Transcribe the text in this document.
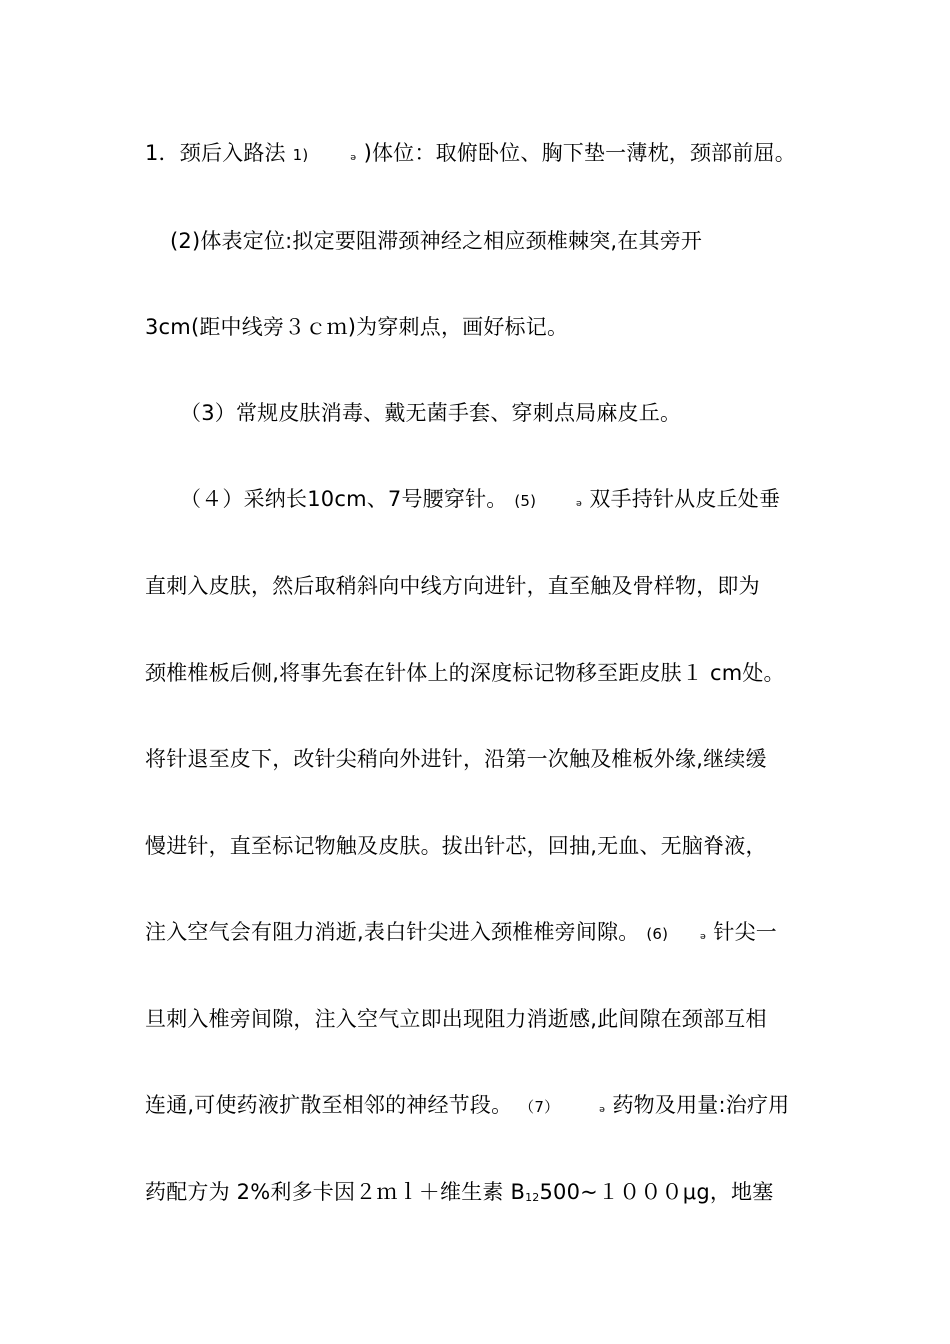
1．颈后入路法 1)	ₔ )体位：取俯卧位、胸下垫一薄枕，颈部前屈。
(2)体表定位:拟定要阻滞颈神经之相应颈椎棘突,在其旁开
3cm(距中线旁３ｃｍ)为穿刺点，画好标记。
（3）常规皮肤消毒、戴无菌手套、穿刺点局麻皮丘。
（４）采纳长10cm、7号腰穿针。 (5)	ₔ 双手持针从皮丘处垂
直刺入皮肤，然后取稍斜向中线方向进针，直至触及骨样物，即为
颈椎椎板后侧,将事先套在针体上的深度标记物移至距皮肤１ cm处。
将针退至皮下，改针尖稍向外进针，沿第一次触及椎板外缘,继续缓
慢进针，直至标记物触及皮肤。拔出针芯，回抽,无血、无脑脊液，
注入空气会有阻力消逝,表白针尖进入颈椎椎旁间隙。 (6) ₔ 针尖一
旦刺入椎旁间隙，注入空气立即出现阻力消逝感,此间隙在颈部互相
连通,可使药液扩散至相邻的神经节段。 （7）	ₔ 药物及用量:治疗用
药配方为 2%利多卡因２ｍｌ＋维生素 B12500~１０００μg，地塞
